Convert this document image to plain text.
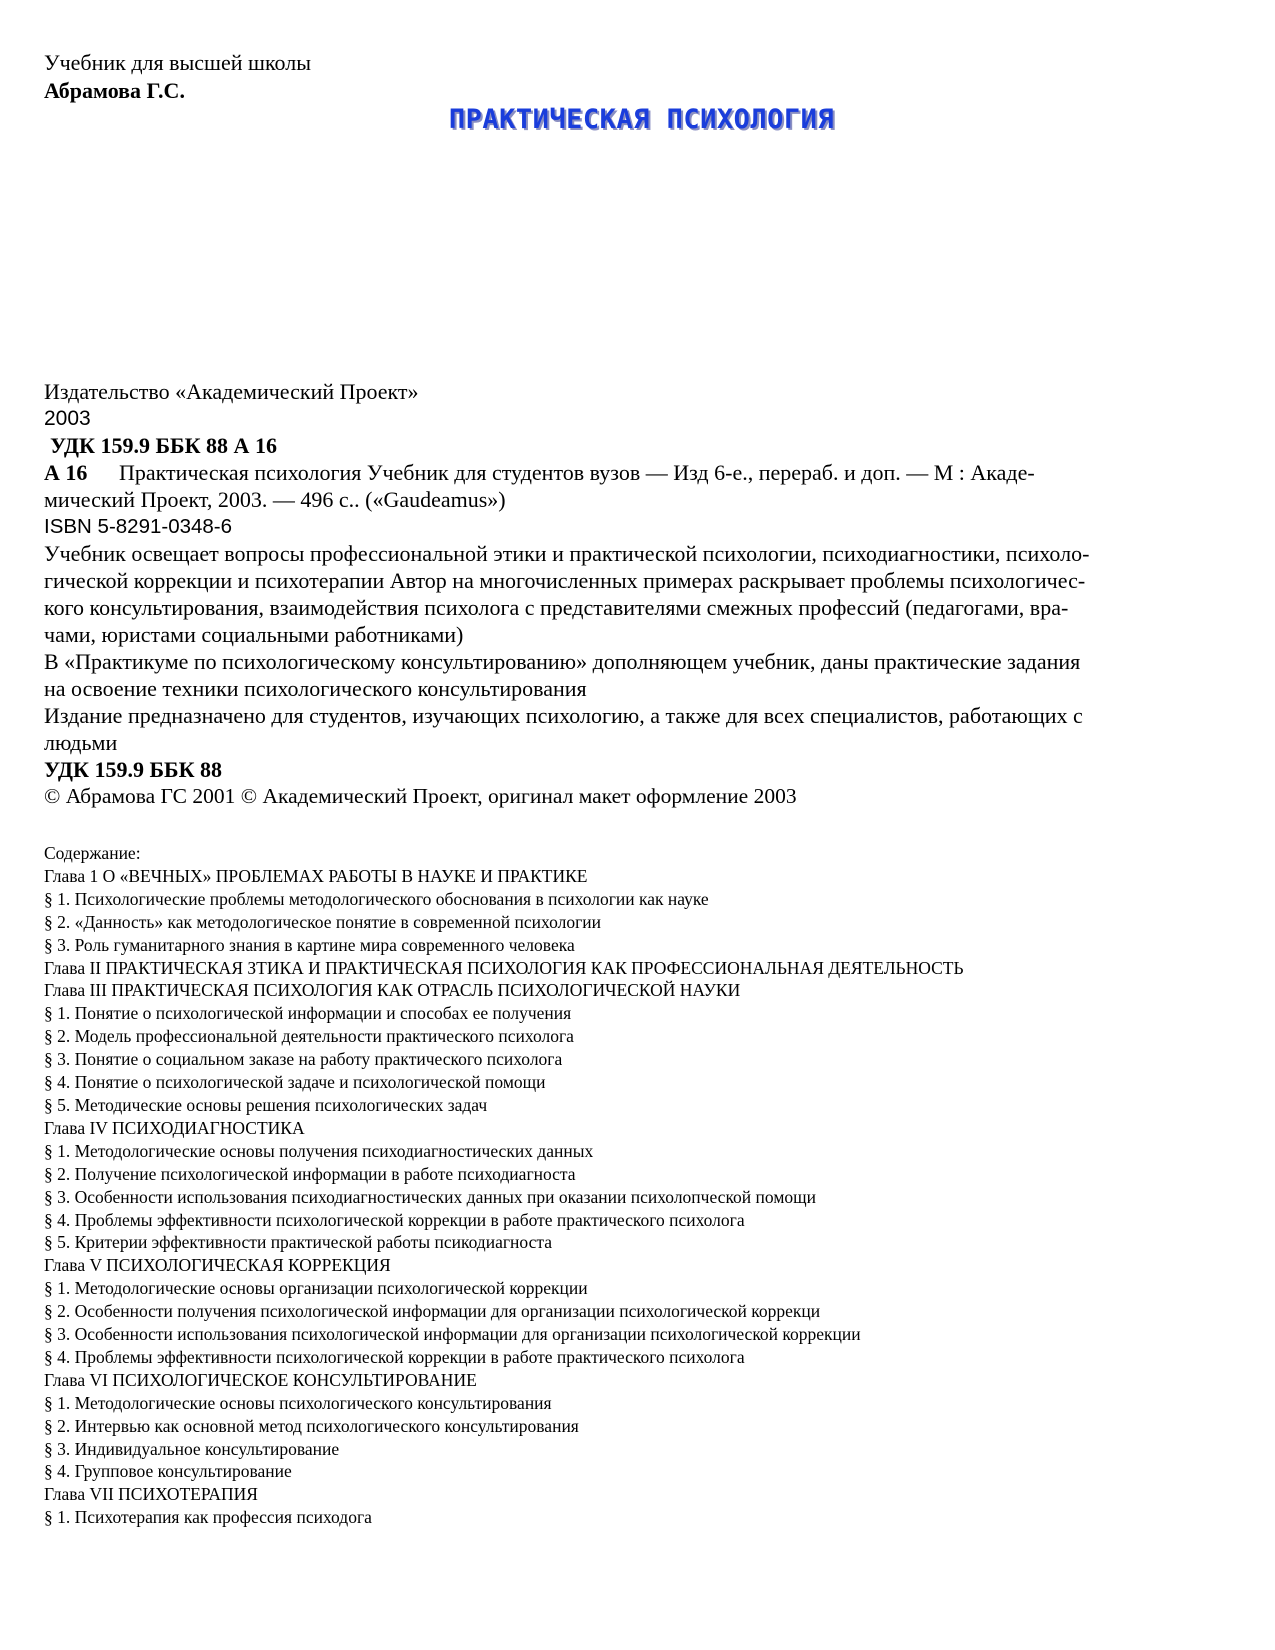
Учебник для высшей школы
Абрамова Г.С.
ПРАКТИЧЕСКАЯ ПСИХОЛОГИЯ
Издательство «Академический Проект»
2003
УДК 159.9 ББК 88 А 16
А 16 Практическая психология Учебник для студентов вузов — Изд 6-е., перераб. и доп. — М : Акаде-
мический Проект, 2003. — 496 с.. («Gaudeamus»)
ISBN 5-8291-0348-6
Учебник освещает вопросы профессиональной этики и практической психологии, психодиагностики, психоло-
гической коррекции и психотерапии Автор на многочисленных примерах раскрывает проблемы психологичес-
кого консультирования, взаимодействия психолога с представителями смежных профессий (педагогами, вра-
чами, юристами социальными работниками)
В «Практикуме по психологическому консультированию» дополняющем учебник, даны практические задания
на освоение техники психологического консультирования
Издание предназначено для студентов, изучающих психологию, а также для всех специалистов, работающих с
людьми
УДК 159.9 ББК 88
© Абрамова ГС 2001 © Академический Проект, оригинал макет оформление 2003
Содержание:
Глава 1 О «ВЕЧНЫХ» ПРОБЛЕМАХ РАБОТЫ В НАУКЕ И ПРАКТИКЕ
§ 1. Психологические проблемы методологического обоснования в психологии как науке
§ 2. «Данность» как методологическое понятие в современной психологии
§ 3. Роль гуманитарного знания в картине мира современного человека
Глава II ПРАКТИЧЕСКАЯ ЗТИКА И ПРАКТИЧЕСКАЯ ПСИХОЛОГИЯ КАК ПРОФЕССИОНАЛЬНАЯ ДЕЯТЕЛЬНОСТЬ
Глава III ПРАКТИЧЕСКАЯ ПСИХОЛОГИЯ КАК ОТРАСЛЬ ПСИХОЛОГИЧЕСКОЙ НАУКИ
§ 1. Понятие о психологической информации и способах ее получения
§ 2. Модель профессиональной деятельности практического психолога
§ 3. Понятие о социальном заказе на работу практического психолога
§ 4. Понятие о психологической задаче и психологической помощи
§ 5. Методические основы решения психологических задач
Глава IV ПСИХОДИАГНОСТИКА
§ 1. Методологические основы получения психодиагностических данных
§ 2. Получение психологической информации в работе психодиагноста
§ 3. Особенности использования психодиагностических данных при оказании психолопческой помощи
§ 4. Проблемы эффективности психологической коррекции в работе практического психолога
§ 5. Критерии эффективности практической работы псикодиагноста
Глава V ПСИХОЛОГИЧЕСКАЯ КОРРЕКЦИЯ
§ 1. Методологические основы организации психологической коррекции
§ 2. Особенности получения психологической информации для организации психологической коррекци
§ 3. Особенности использования психологической информации для организации психологической коррекции
§ 4. Проблемы эффективности психологической коррекции в работе практического психолога
Глава VI ПСИХОЛОГИЧЕСКОЕ КОНСУЛЬТИРОВАНИЕ
§ 1. Методологические основы психологического консультирования
§ 2. Интервью как основной метод психологического консультирования
§ 3. Индивидуальное консультирование
§ 4. Групповое консультирование
Глава VII ПСИХОТЕРАПИЯ
§ 1. Психотерапия как профессия психодога
